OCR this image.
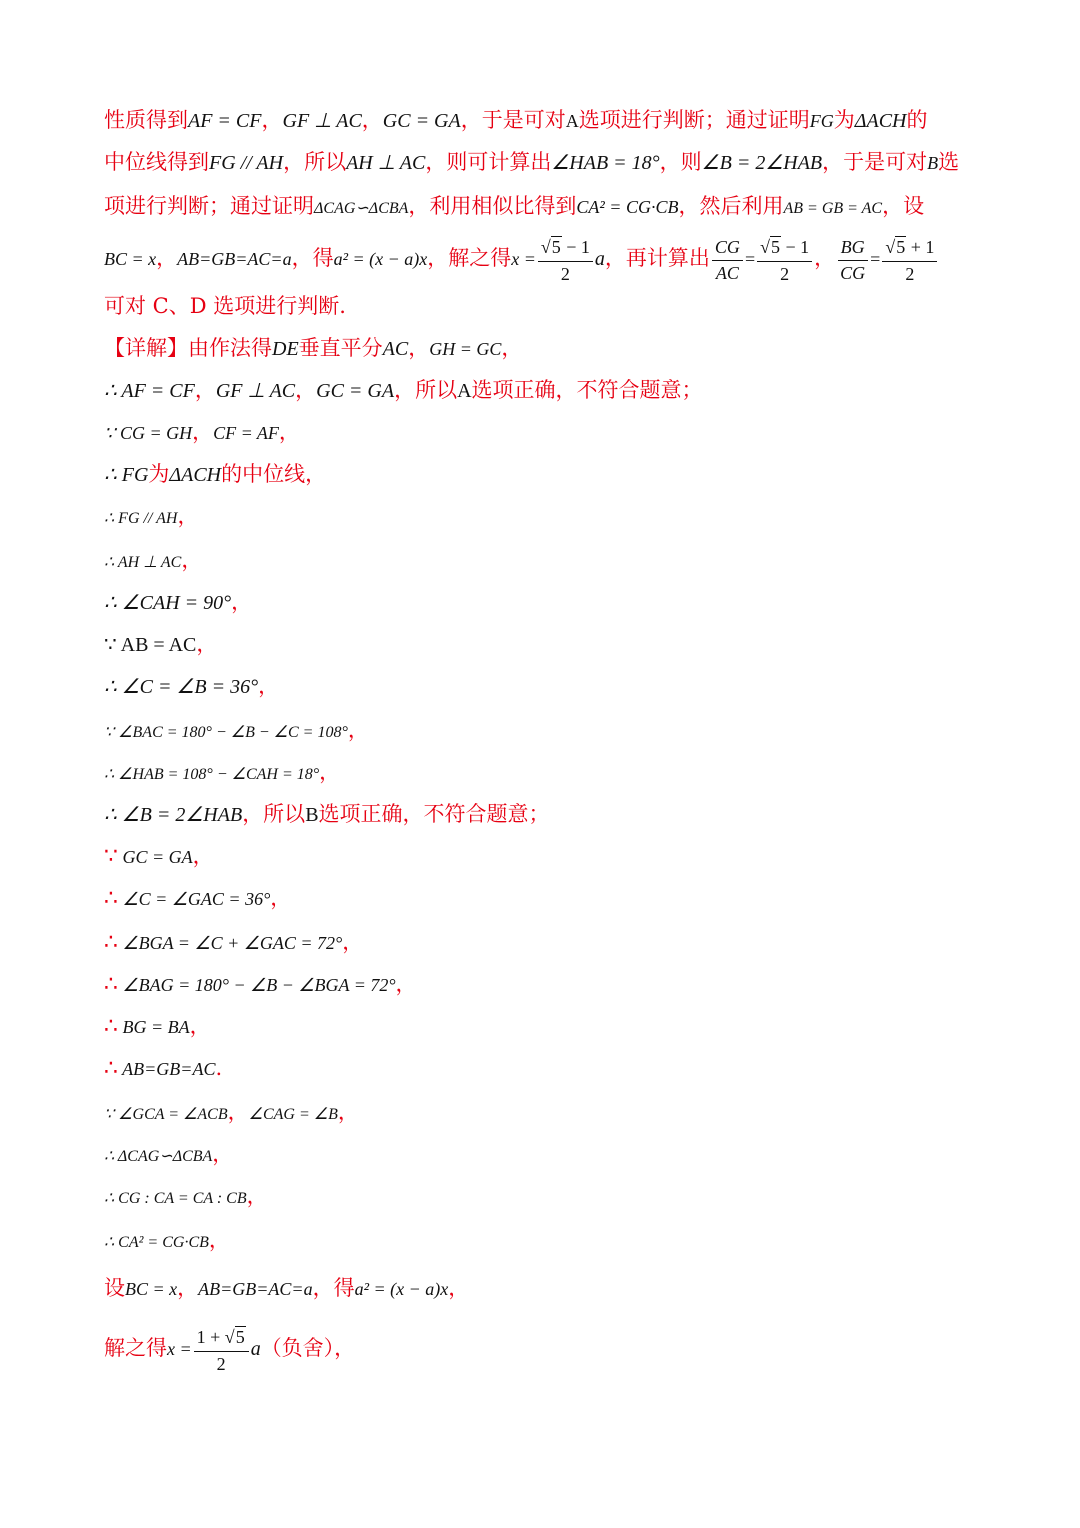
性质得到AF = CF，GF ⊥ AC，GC = GA，于是可对A选项进行判断；通过证明FG为ΔACH的
中位线得到FG // AH，所以AH ⊥ AC，则可计算出∠HAB = 18°，则∠B = 2∠HAB，于是可对B选
项进行判断；通过证明ΔCAG∽ΔCBA，利用相似比得到CA² = CG·CB，然后利用AB = GB = AC，设
可对 C、D 选项进行判断.
【详解】由作法得DE垂直平分AC，GH = GC，
∴ AF = CF，GF ⊥ AC，GC = GA，所以A选项正确，不符合题意；
∵ CG = GH，CF = AF，
∴ FG为ΔACH的中位线，
∴ FG // AH，
∴ AH ⊥ AC，
∴ ∠CAH = 90°，
∵ AB = AC，
∴ ∠C = ∠B = 36°，
∵ ∠BAC = 180° − ∠B − ∠C = 108°，
∴ ∠HAB = 108° − ∠CAH = 18°，
∴ ∠B = 2∠HAB，所以B选项正确，不符合题意；
∵ GC = GA，
∴ ∠C = ∠GAC = 36°，
∴ ∠BGA = ∠C + ∠GAC = 72°，
∴ ∠BAG = 180° − ∠B − ∠BGA = 72°，
∴ BG = BA，
∴ AB=GB=AC.
∵ ∠GCA = ∠ACB，∠CAG = ∠B，
∴ ΔCAG∽ΔCBA，
∴ CG : CA = CA : CB，
∴ CA² = CG·CB，
设BC = x，AB=GB=AC=a，得a² = (x − a)x，
BC = x，AB=GB=AC=a，得a² = (x − a)x，解之得$x = \frac{√ 5 - 1}{2}$ a，再计算出 $\frac{CG}{AC} = \frac{√ 5 - 1}{2}$ ， $\frac{BG}{CG} = \frac{√ 5 + 1}{2}$
解之得$x = \frac{1 + √ 5}{2} a$（负舍），
